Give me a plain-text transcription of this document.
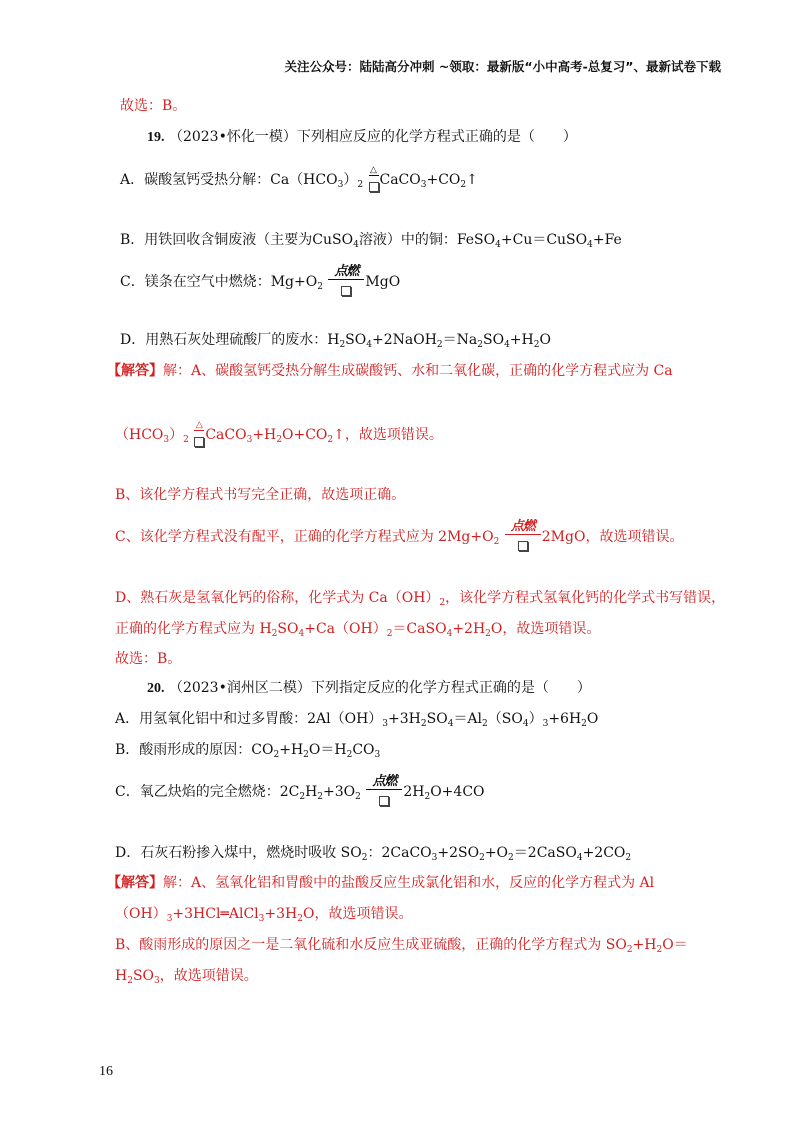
关注公众号：陆陆高分冲刺 ~领取：最新版“小中高考-总复习”、最新试卷下载
故选：B。
19. （2023•怀化一模）下列相应反应的化学方程式正确的是（　　）
A．碳酸氢钙受热分解：$Ca(HCO_3)_2$
△
$CaCO_3+CO_2↑$
B．用铁回收含铜废液（主要为CuSO$_4$溶液）中的铜：FeSO$_4$+Cu＝CuSO$_4$+Fe
C．镁条在空气中燃烧：$Mg+O_2$
点燃
MgO
D．用熟石灰处理硫酸厂的废水：$H_2SO_4+2NaOH_2=Na_2SO_4+H_2O$
【解答】解：A、碳酸氢钙受热分解生成碳酸钙、水和二氧化碳，正确的化学方程式应为 Ca
$(HCO_3)_2$
△
$CaCO_3+H_2O+CO_2↑$，故选项错误。
B、该化学方程式书写完全正确，故选项正确。
C、该化学方程式没有配平，正确的化学方程式应为 $2Mg+O_2$
点燃
2MgO，故选项错误。
D、熟石灰是氢氧化钙的俗称，化学式为 $Ca(OH)_2$，该化学方程式氢氧化钙的化学式书写错误，
正确的化学方程式应为 $H_2SO_4+Ca(OH)_2=CaSO_4+2H_2O$，故选项错误。
故选：B。
20. （2023•润州区二模）下列指定反应的化学方程式正确的是（　　）
A．用氢氧化铝中和过多胃酸：$2Al(OH)_3+3H_2SO_4=Al_2(SO_4)_3+6H_2O$
B．酸雨形成的原因：$CO_2+H_2O=H_2CO_3$
C．氧乙炔焰的完全燃烧：$2C_2H_2+3O_2$
点燃
$2H_2O+4CO$
D．石灰石粉掺入煤中，燃烧时吸收 $SO_2$：$2CaCO_3+2SO_2+O_2=2CaSO_4+2CO_2$
【解答】解：A、氢氧化铝和胃酸中的盐酸反应生成氯化铝和水，反应的化学方程式为 Al
$(OH)_3+3HCl═AlCl_3+3H_2O$，故选项错误。
B、酸雨形成的原因之一是二氧化硫和水反应生成亚硫酸，正确的化学方程式为 $SO_2+H_2O=$
$H_2SO_3$，故选项错误。
16
